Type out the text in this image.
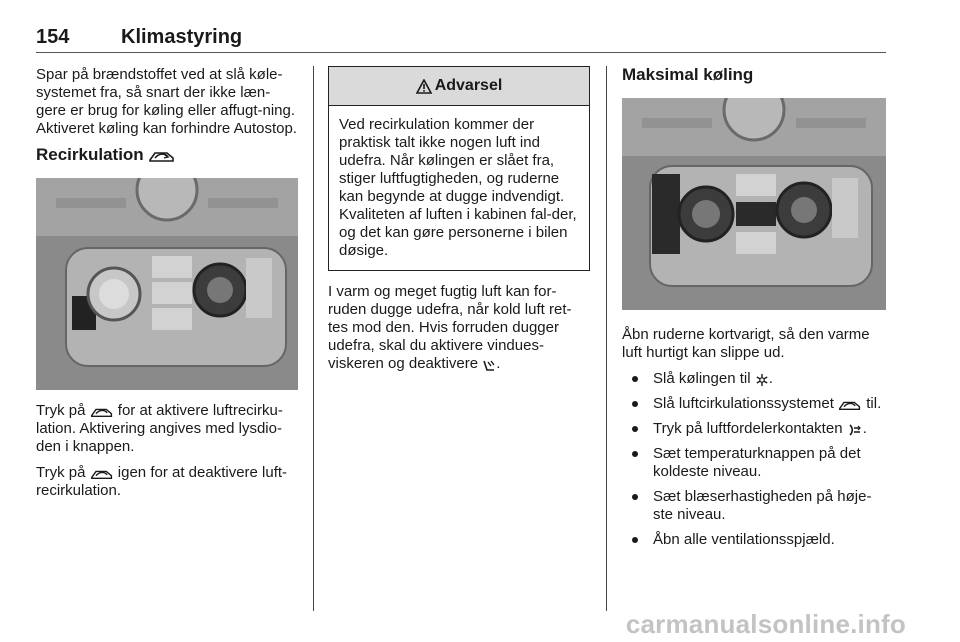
154	Klimastyring

Spar på brændstoffet ved at slå køle-systemet fra, så snart der ikke læn-gere er brug for køling eller affugt-ning. Aktiveret køling kan forhindre Autostop.

Recirkulation

Tryk på  for at aktivere luftrecirku-lation. Aktivering angives med lysdio-den i knappen.

Tryk på  igen for at deaktivere luft-recirkulation.

Advarsel
Ved recirkulation kommer der praktisk talt ikke nogen luft ind udefra. Når kølingen er slået fra, stiger luftfugtigheden, og ruderne kan begynde at dugge indvendigt. Kvaliteten af luften i kabinen fal-der, og det kan gøre personerne i bilen døsige.

I varm og meget fugtig luft kan for-ruden dugge udefra, når kold luft ret-tes mod den. Hvis forruden dugger udefra, skal du aktivere vindues-viskeren og deaktivere .

Maksimal køling

Åbn ruderne kortvarigt, så den varme luft hurtigt kan slippe ud.

Slå kølingen til .
Slå luftcirkulationssystemet  til.
Tryk på luftfordelerkontakten .
Sæt temperaturknappen på det koldeste niveau.
Sæt blæserhastigheden på høje-ste niveau.
Åbn alle ventilationsspjæld.
carmanualsonline.info
